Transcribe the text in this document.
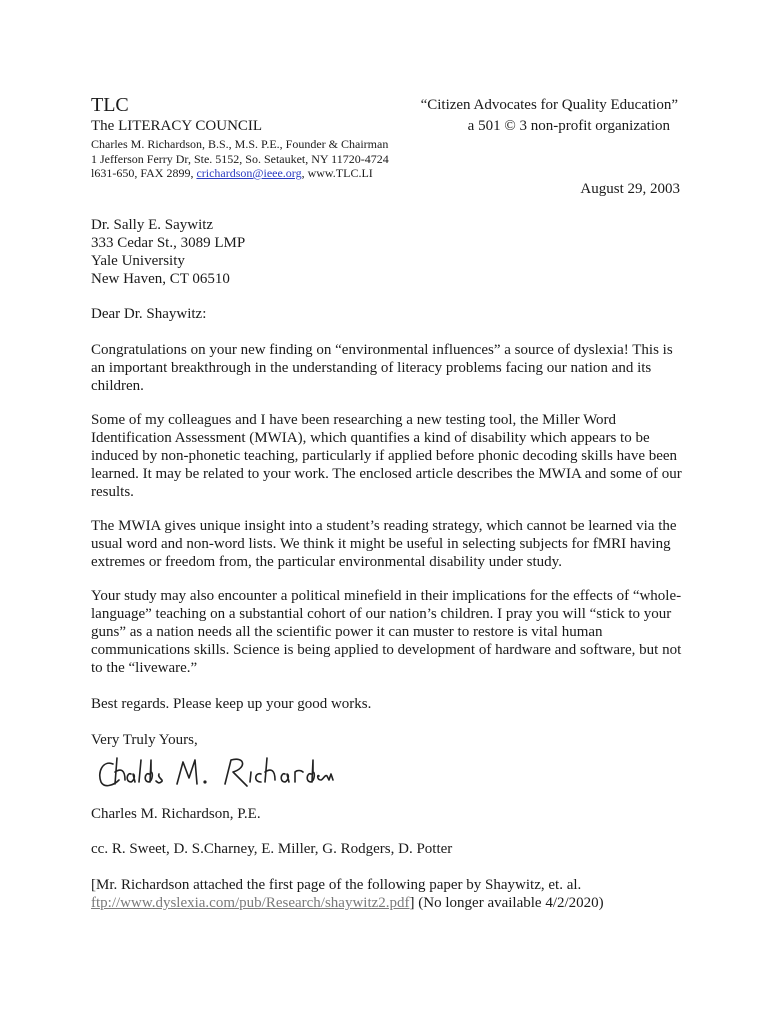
TLC
The LITERACY COUNCIL
Charles M. Richardson, B.S., M.S. P.E., Founder & Chairman
1 Jefferson Ferry Dr, Ste. 5152, So. Setauket, NY 11720-4724
l631-650, FAX 2899, crichardson@ieee.org, www.TLC.LI
“Citizen Advocates for Quality Education”
a 501 © 3 non-profit organization
August 29, 2003

Dr. Sally E. Saywitz

333 Cedar St., 3089 LMP

Yale University

New Haven, CT 06510

Dear Dr. Shaywitz:

Congratulations on your new finding on “environmental influences” a source of dyslexia! This is an important breakthrough in the understanding of literacy problems facing our nation and its children.

Some of my colleagues and I have been researching a new testing tool, the Miller Word Identification Assessment (MWIA), which quantifies a kind of disability which appears to be induced by non-phonetic teaching, particularly if applied before phonic decoding skills have been learned. It may be related to your work. The enclosed article describes the MWIA and some of our results.

The MWIA gives unique insight into a student’s reading strategy, which cannot be learned via the usual word and non-word lists. We think it might be useful in selecting subjects for fMRI having extremes or freedom from, the particular environmental disability under study.

Your study may also encounter a political minefield in their implications for the effects of “whole-language” teaching on a substantial cohort of our nation’s children. I pray you will “stick to your guns” as a nation needs all the scientific power it can muster to restore is vital human communications skills. Science is being applied to development of hardware and software, but not to the “liveware.”

Best regards. Please keep up your good works.

Very Truly Yours,

Charles M. Richardson, P.E.

cc. R. Sweet, D. S.Charney, E. Miller, G. Rodgers, D. Potter

[Mr. Richardson attached the first page of the following paper by Shaywitz, et. al.

ftp://www.dyslexia.com/pub/Research/shaywitz2.pdf] (No longer available 4/2/2020)
